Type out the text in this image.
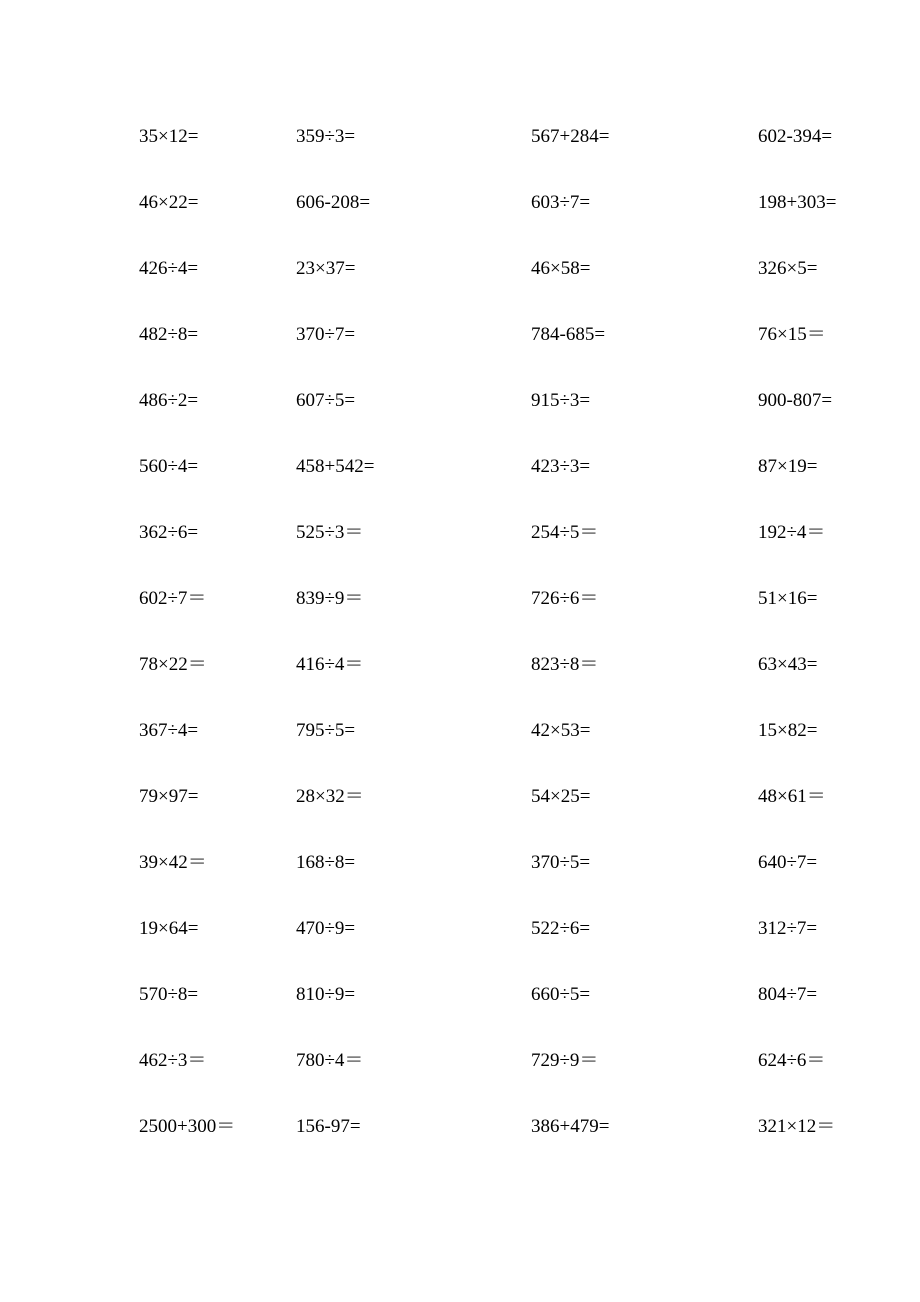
35×12=	359÷3=	567+284=	602-394=
46×22=	606-208=	603÷7=	198+303=
426÷4=	23×37=	46×58=	326×5=
482÷8=	370÷7=	784-685=	76×15＝
486÷2=	607÷5=	915÷3=	900-807=
560÷4=	458+542=	423÷3=	87×19=
362÷6=	525÷3＝	254÷5＝	192÷4＝
602÷7＝	839÷9＝	726÷6＝	51×16=
78×22＝	416÷4＝	823÷8＝	63×43=
367÷4=	795÷5=	42×53=	15×82=
79×97=	28×32＝	54×25=	48×61＝
39×42＝	168÷8=	370÷5=	640÷7=
19×64=	470÷9=	522÷6=	312÷7=
570÷8=	810÷9=	660÷5=	804÷7=
462÷3＝	780÷4＝	729÷9＝	624÷6＝
2500+300＝	156-97=	386+479=	321×12＝
